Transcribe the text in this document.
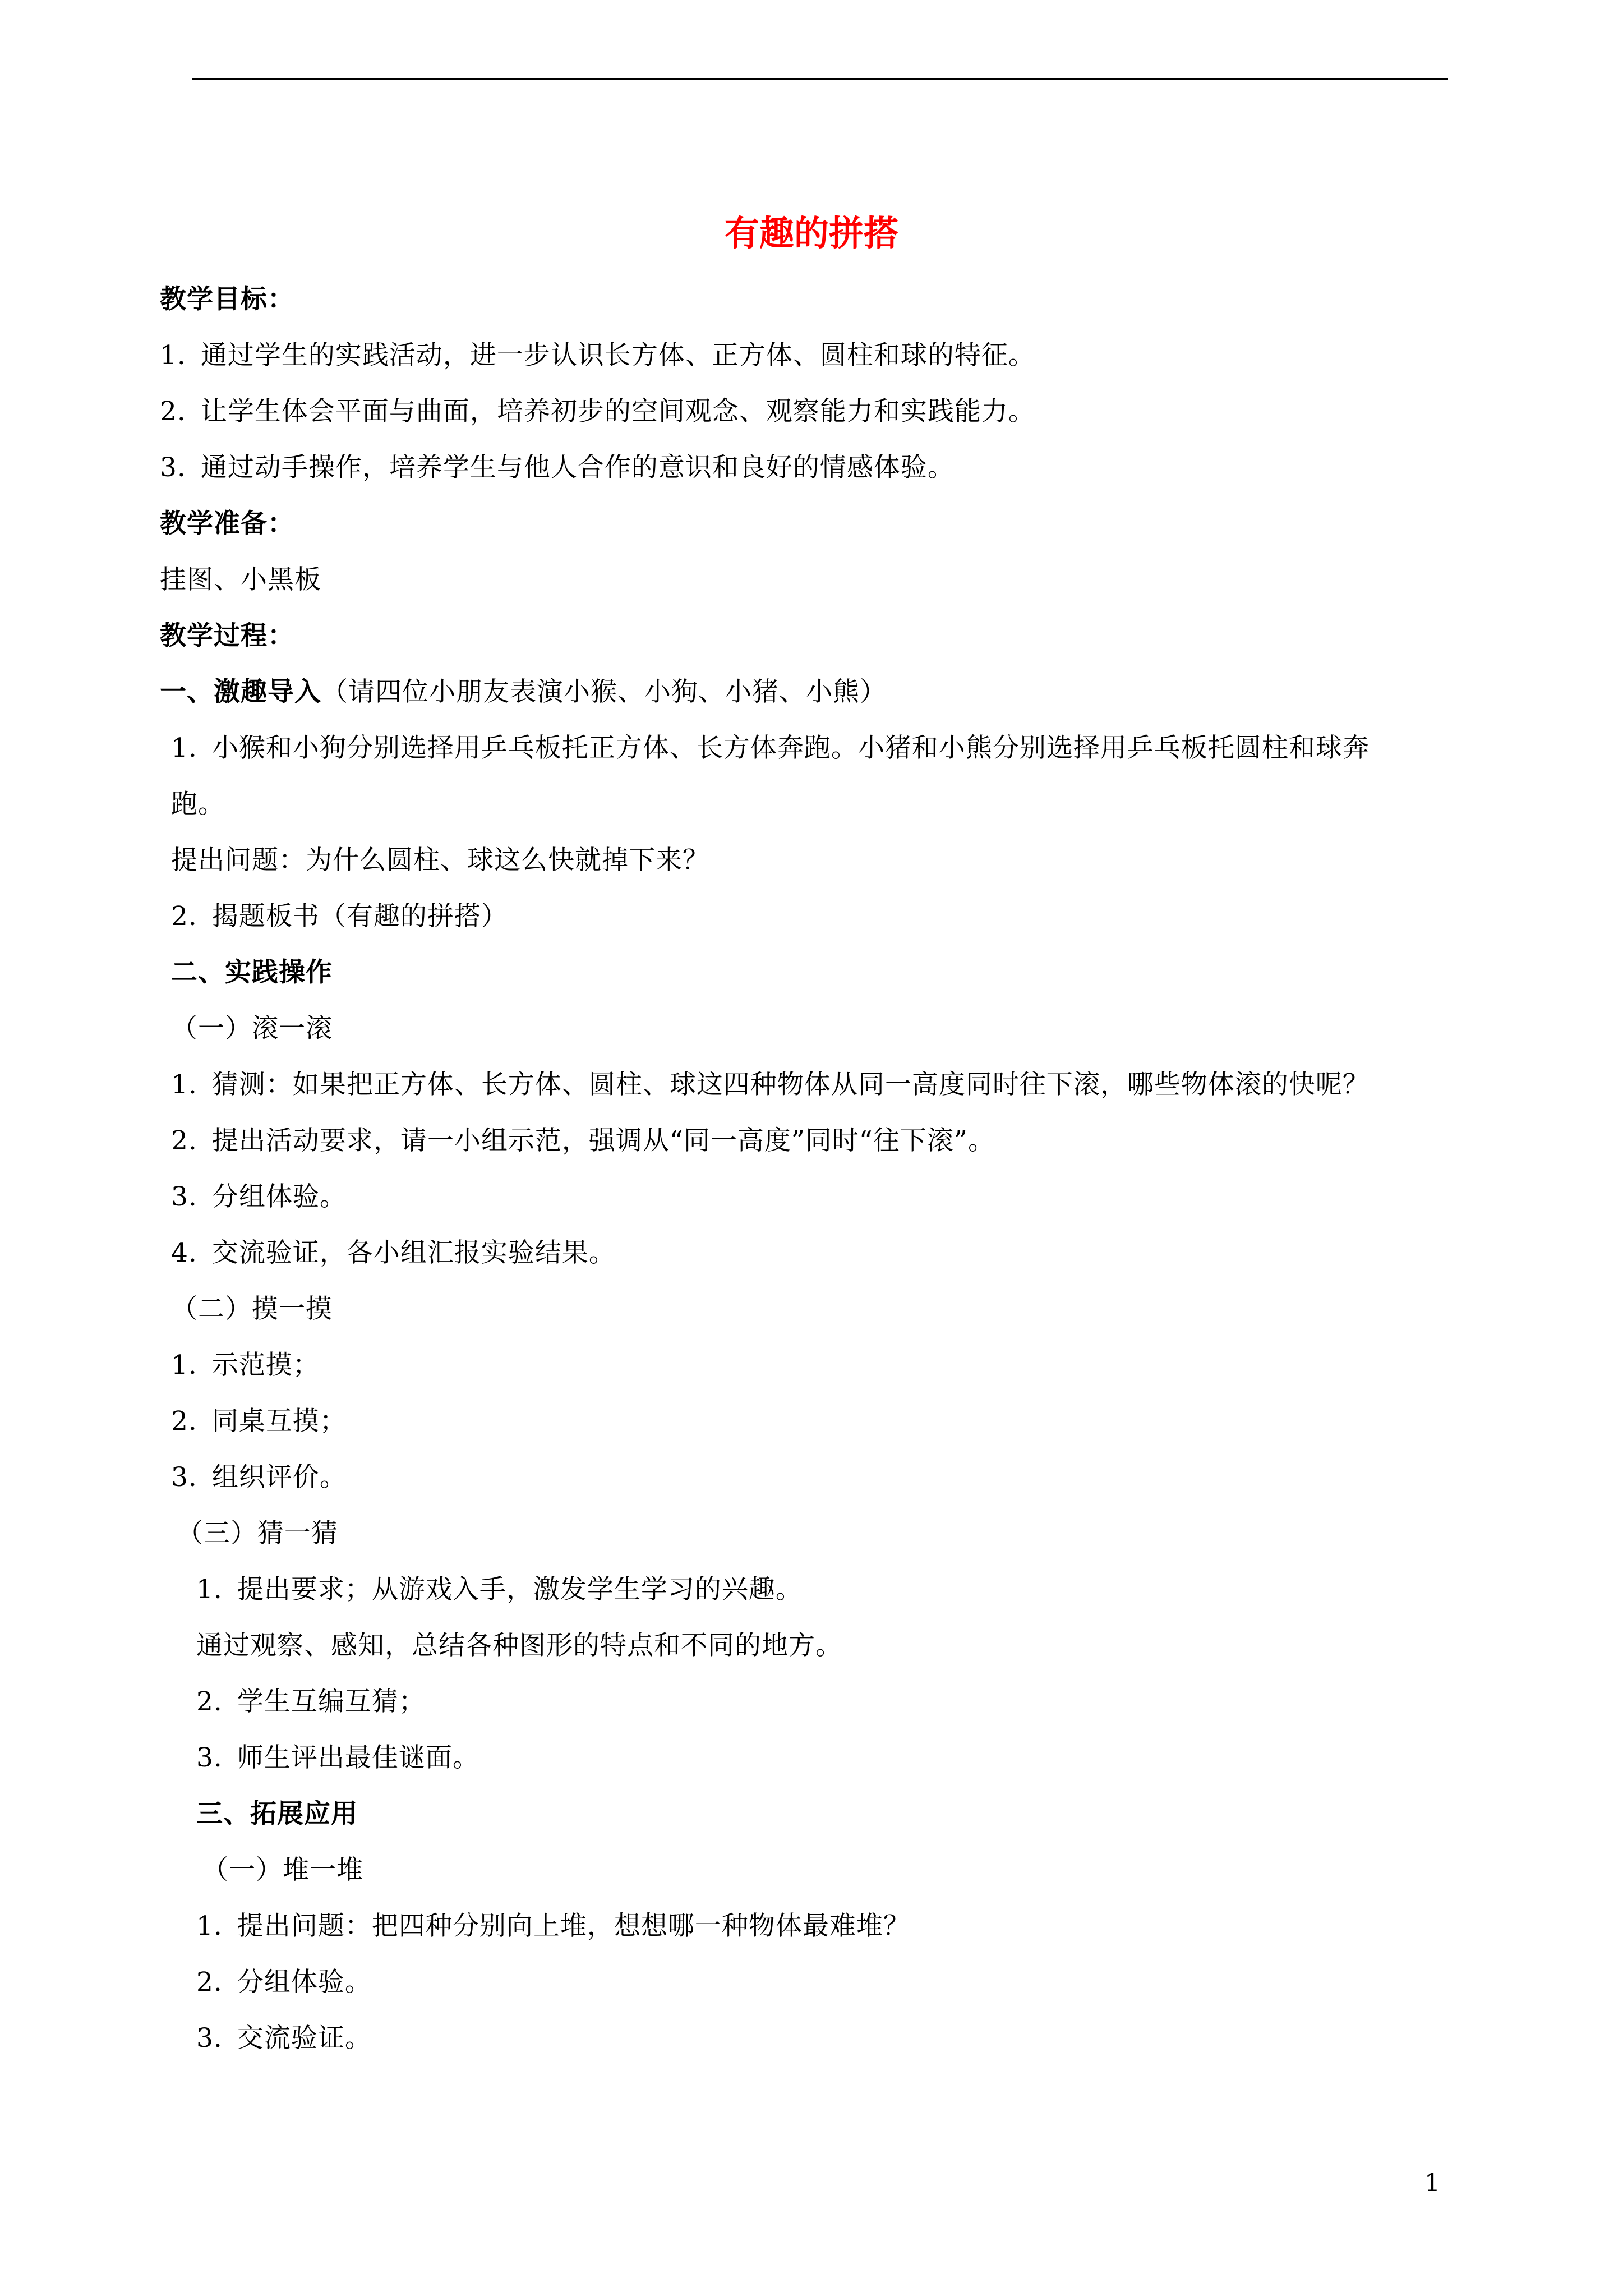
有趣的拼搭
教学目标：
1. 通过学生的实践活动，进一步认识长方体、正方体、圆柱和球的特征。
2. 让学生体会平面与曲面，培养初步的空间观念、观察能力和实践能力。
3. 通过动手操作，培养学生与他人合作的意识和良好的情感体验。
教学准备：
挂图、小黑板
教学过程：
一、激趣导入（请四位小朋友表演小猴、小狗、小猪、小熊）
1. 小猴和小狗分别选择用乒乓板托正方体、长方体奔跑。小猪和小熊分别选择用乒乓板托圆柱和球奔
跑。
提出问题：为什么圆柱、球这么快就掉下来？
2. 揭题板书（有趣的拼搭）
二、实践操作
（一）滚一滚
1. 猜测：如果把正方体、长方体、圆柱、球这四种物体从同一高度同时往下滚，哪些物体滚的快呢？
2. 提出活动要求，请一小组示范，强调从“同一高度”同时“往下滚”。
3. 分组体验。
4. 交流验证，各小组汇报实验结果。
（二）摸一摸
1. 示范摸；
2. 同桌互摸；
3. 组织评价。
（三）猜一猜
1. 提出要求；从游戏入手，激发学生学习的兴趣。
通过观察、感知，总结各种图形的特点和不同的地方。
2. 学生互编互猜；
3. 师生评出最佳谜面。
三、拓展应用
（一）堆一堆
1. 提出问题：把四种分别向上堆，想想哪一种物体最难堆？
2. 分组体验。
3. 交流验证。
1
